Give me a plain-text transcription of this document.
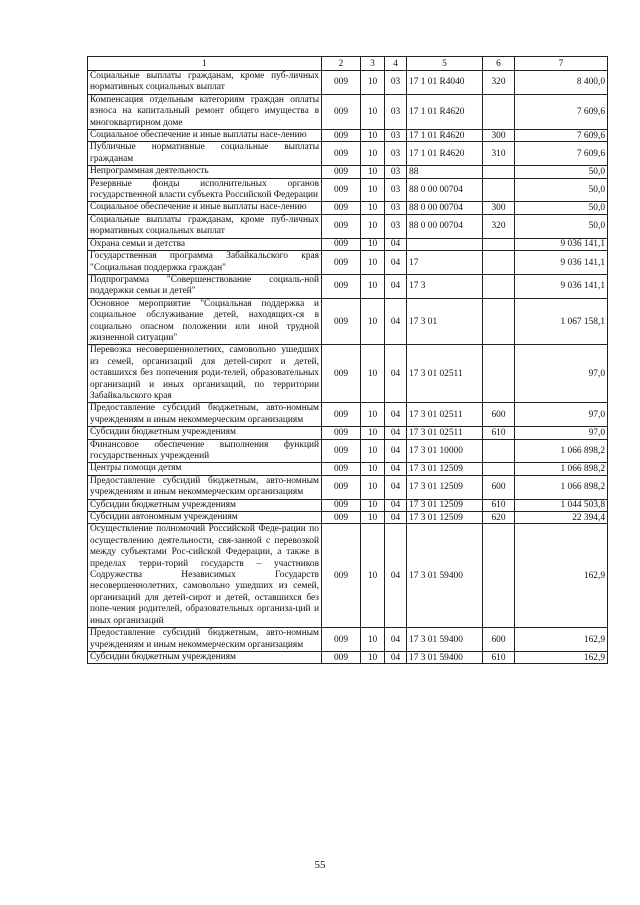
1	2	3	4	5	6	7
Социальные выплаты гражданам, кроме пуб-личных нормативных социальных выплат	009	10	03	17 1 01 R4040	320	8 400,0
Компенсация отдельным категориям граждан оплаты взноса на капитальный ремонт общего имущества в многоквартирном доме	009	10	03	17 1 01 R4620		7 609,6
Социальное обеспечение и иные выплаты насе-лению	009	10	03	17 1 01 R4620	300	7 609,6
Публичные нормативные социальные выплаты гражданам	009	10	03	17 1 01 R4620	310	7 609,6
Непрограммная деятельность	009	10	03	88		50,0
Резервные фонды исполнительных органов государственной власти субъекта Российской Федерации	009	10	03	88 0 00 00704		50,0
Социальное обеспечение и иные выплаты насе-лению	009	10	03	88 0 00 00704	300	50,0
Социальные выплаты гражданам, кроме пуб-личных нормативных социальных выплат	009	10	03	88 0 00 00704	320	50,0
Охрана семьи и детства	009	10	04			9 036 141,1
Государственная программа Забайкальского края "Социальная поддержка граждан"	009	10	04	17		9 036 141,1
Подпрограмма "Совершенствование социаль-ной поддержки семьи и детей"	009	10	04	17 3		9 036 141,1
Основное мероприятие "Социальная поддержка и социальное обслуживание детей, находящих-ся в социально опасном положении или иной трудной жизненной ситуации"	009	10	04	17 3 01		1 067 158,1
Перевозка несовершеннолетних, самовольно ушедших из семей, организаций для детей-сирот и детей, оставшихся без попечения роди-телей, образовательных организаций и иных организаций, по территории Забайкальского края	009	10	04	17 3 01 02511		97,0
Предоставление субсидий бюджетным, авто-номным учреждениям и иным некоммерческим организациям	009	10	04	17 3 01 02511	600	97,0
Субсидии бюджетным учреждениям	009	10	04	17 3 01 02511	610	97,0
Финансовое обеспечение выполнения функций государственных учреждений	009	10	04	17 3 01 10000		1 066 898,2
Центры помощи детям	009	10	04	17 3 01 12509		1 066 898,2
Предоставление субсидий бюджетным, авто-номным учреждениям и иным некоммерческим организациям	009	10	04	17 3 01 12509	600	1 066 898,2
Субсидии бюджетным учреждениям	009	10	04	17 3 01 12509	610	1 044 503,8
Субсидии автономным учреждениям	009	10	04	17 3 01 12509	620	22 394,4
Осуществление полномочий Российской Феде-рации по осуществлению деятельности, свя-занной с перевозкой между субъектами Рос-сийской Федерации, а также в пределах терри-торий государств – участников Содружества Независимых Государств несовершеннолетних, самовольно ушедших из семей, организаций для детей-сирот и детей, оставшихся без попе-чения родителей, образовательных организа-ций и иных организаций	009	10	04	17 3 01 59400		162,9
Предоставление субсидий бюджетным, авто-номным учреждениям и иным некоммерческим организациям	009	10	04	17 3 01 59400	600	162,9
Субсидии бюджетным учреждениям	009	10	04	17 3 01 59400	610	162,9
55
